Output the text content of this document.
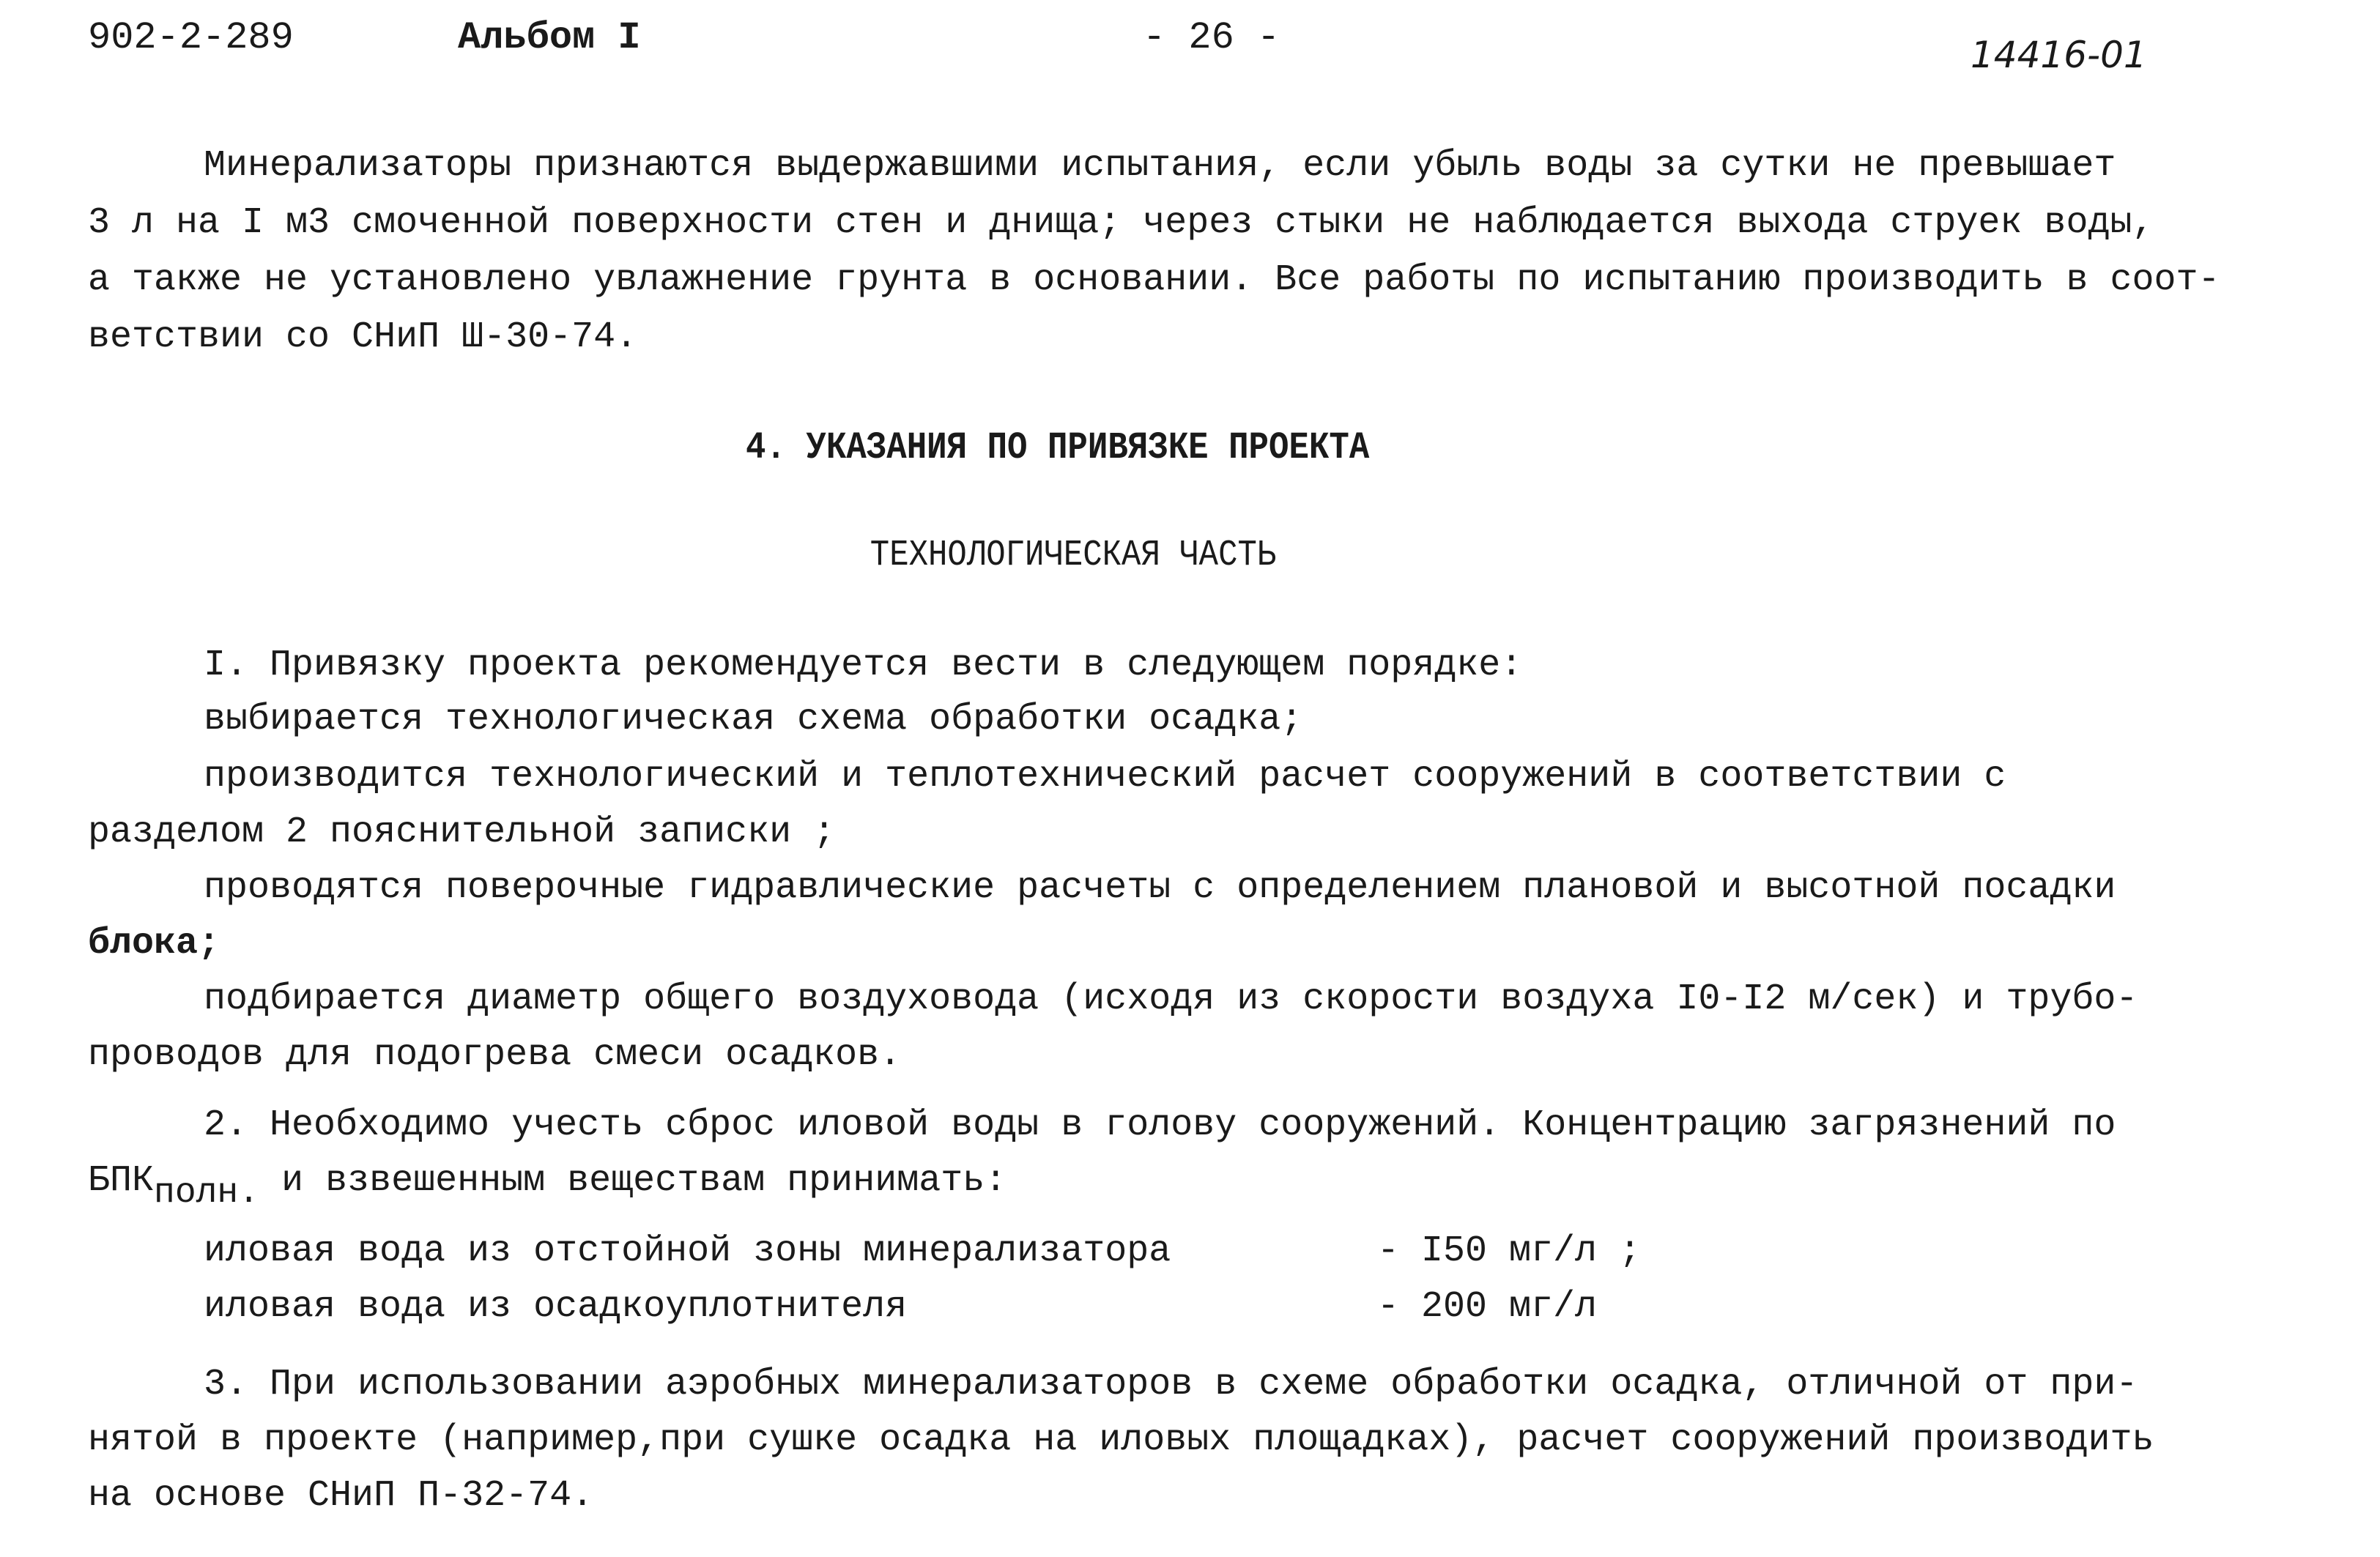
902-2-289	Альбом I	- 26 -	14416-01
Минерализаторы признаются выдержавшими испытания, если убыль воды за сутки не превышает
3 л на I м3 смоченной поверхности стен и днища; через стыки не наблюдается выхода струек воды,
а также не установлено увлажнение грунта в основании. Все работы по испытанию производить в соот-
ветствии со СНиП Ш-30-74.
4. УКАЗАНИЯ ПО ПРИВЯЗКЕ ПРОЕКТА
ТЕХНОЛОГИЧЕСКАЯ ЧАСТЬ
I. Привязку проекта рекомендуется вести в следующем порядке:
выбирается технологическая схема обработки осадка;
производится технологический и теплотехнический расчет сооружений в соответствии с
разделом 2 пояснительной записки ;
проводятся поверочные гидравлические расчеты с определением плановой и высотной посадки
блока;
подбирается диаметр общего воздуховода (исходя из скорости воздуха I0-I2 м/сек) и трубо-
проводов для подогрева смеси осадков.
2. Необходимо учесть сброс иловой воды в голову сооружений. Концентрацию загрязнений по
$БПК_{полн.}$ и взвешенным веществам принимать:
иловая вода из отстойной зоны минерализатора	- I50 мг/л ;
иловая вода из осадкоуплотнителя	- 200 мг/л
3. При использовании аэробных минерализаторов в схеме обработки осадка, отличной от при-
нятой в проекте (например,при сушке осадка на иловых площадках), расчет сооружений производить
на основе СНиП П-32-74.
